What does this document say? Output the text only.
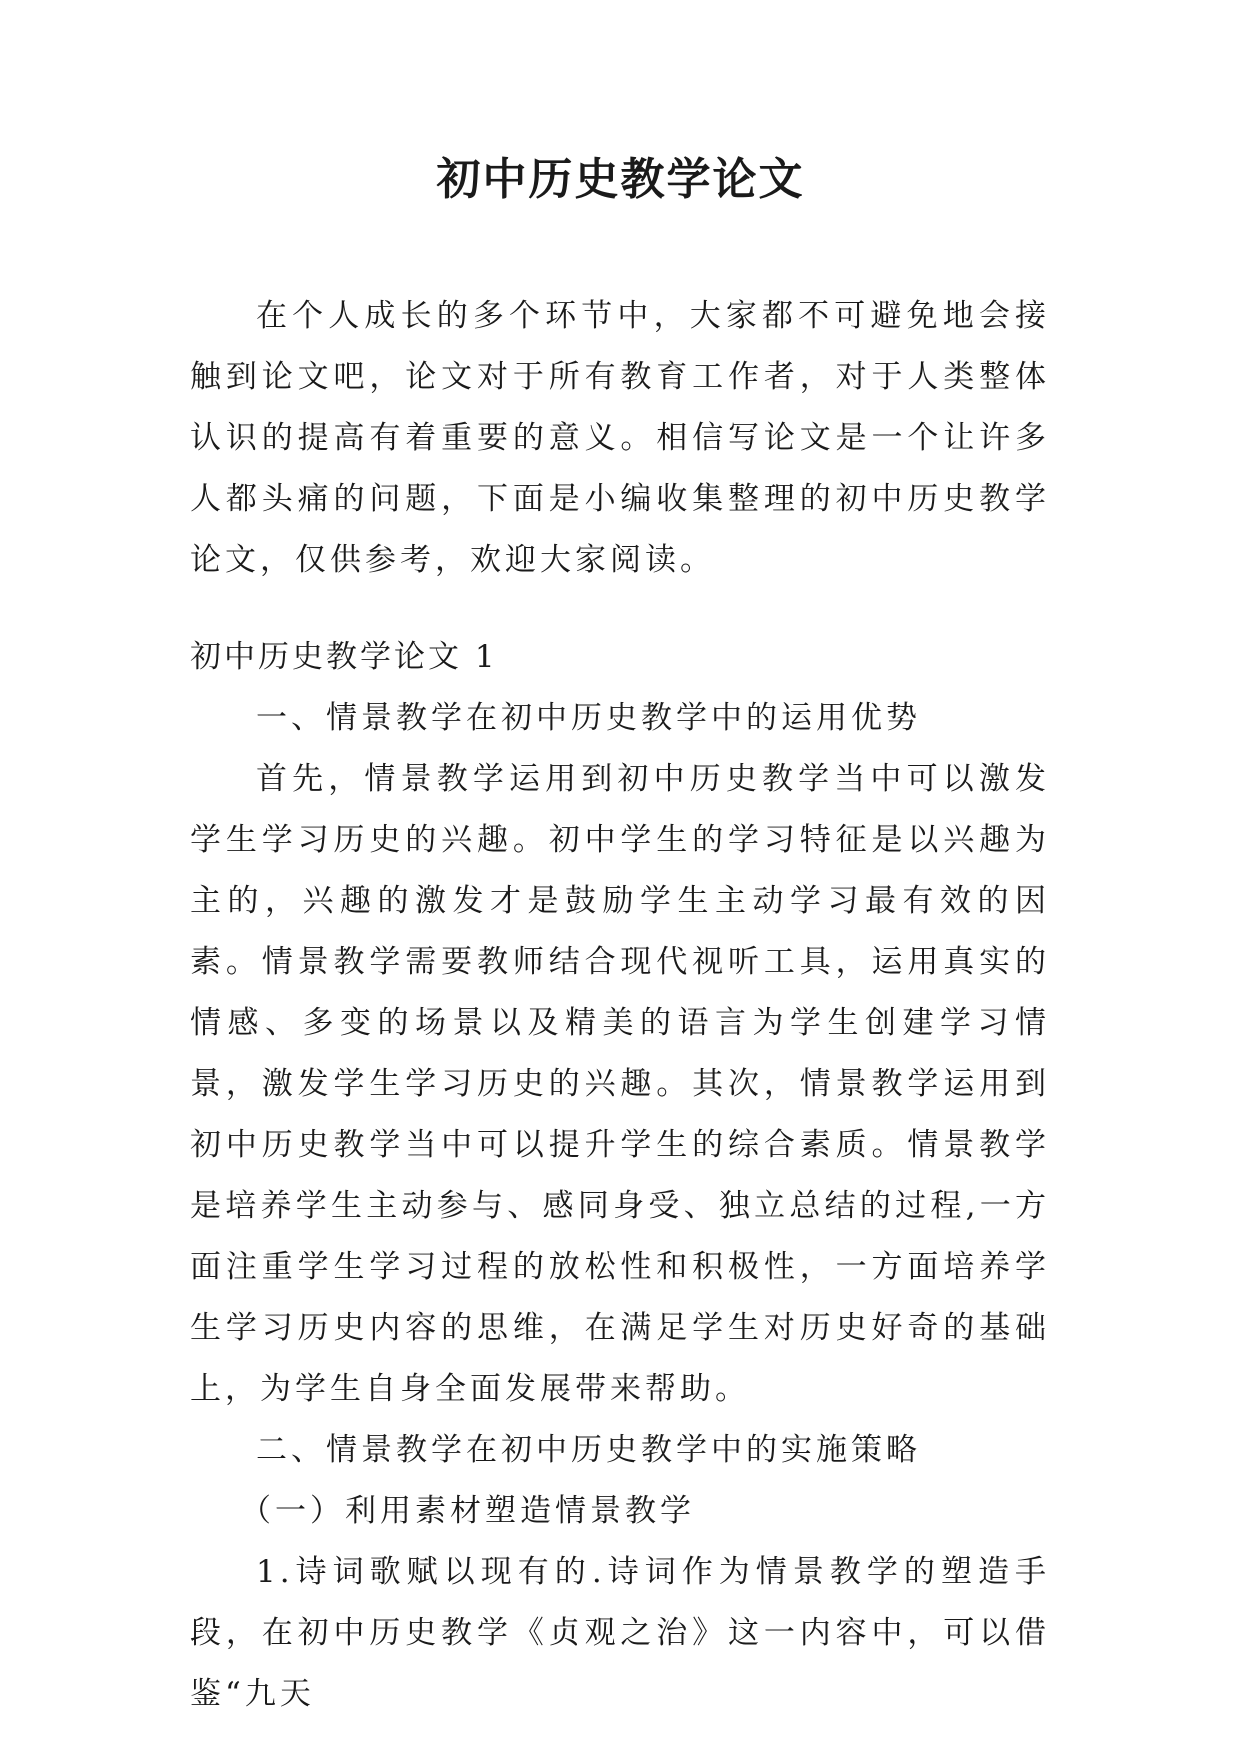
初中历史教学论文

在个人成长的多个环节中，大家都不可避免地会接触到论文吧，论文对于所有教育工作者，对于人类整体认识的提高有着重要的意义。相信写论文是一个让许多人都头痛的问题，下面是小编收集整理的初中历史教学论文，仅供参考，欢迎大家阅读。

初中历史教学论文 1

一、情景教学在初中历史教学中的运用优势

首先，情景教学运用到初中历史教学当中可以激发学生学习历史的兴趣。初中学生的学习特征是以兴趣为主的，兴趣的激发才是鼓励学生主动学习最有效的因素。情景教学需要教师结合现代视听工具，运用真实的情感、多变的场景以及精美的语言为学生创建学习情景，激发学生学习历史的兴趣。其次，情景教学运用到初中历史教学当中可以提升学生的综合素质。情景教学是培养学生主动参与、感同身受、独立总结的过程,一方面注重学生学习过程的放松性和积极性，一方面培养学生学习历史内容的思维，在满足学生对历史好奇的基础上，为学生自身全面发展带来帮助。

二、情景教学在初中历史教学中的实施策略

（一）利用素材塑造情景教学

1.诗词歌赋以现有的.诗词作为情景教学的塑造手段，在初中历史教学《贞观之治》这一内容中，可以借鉴“九天
